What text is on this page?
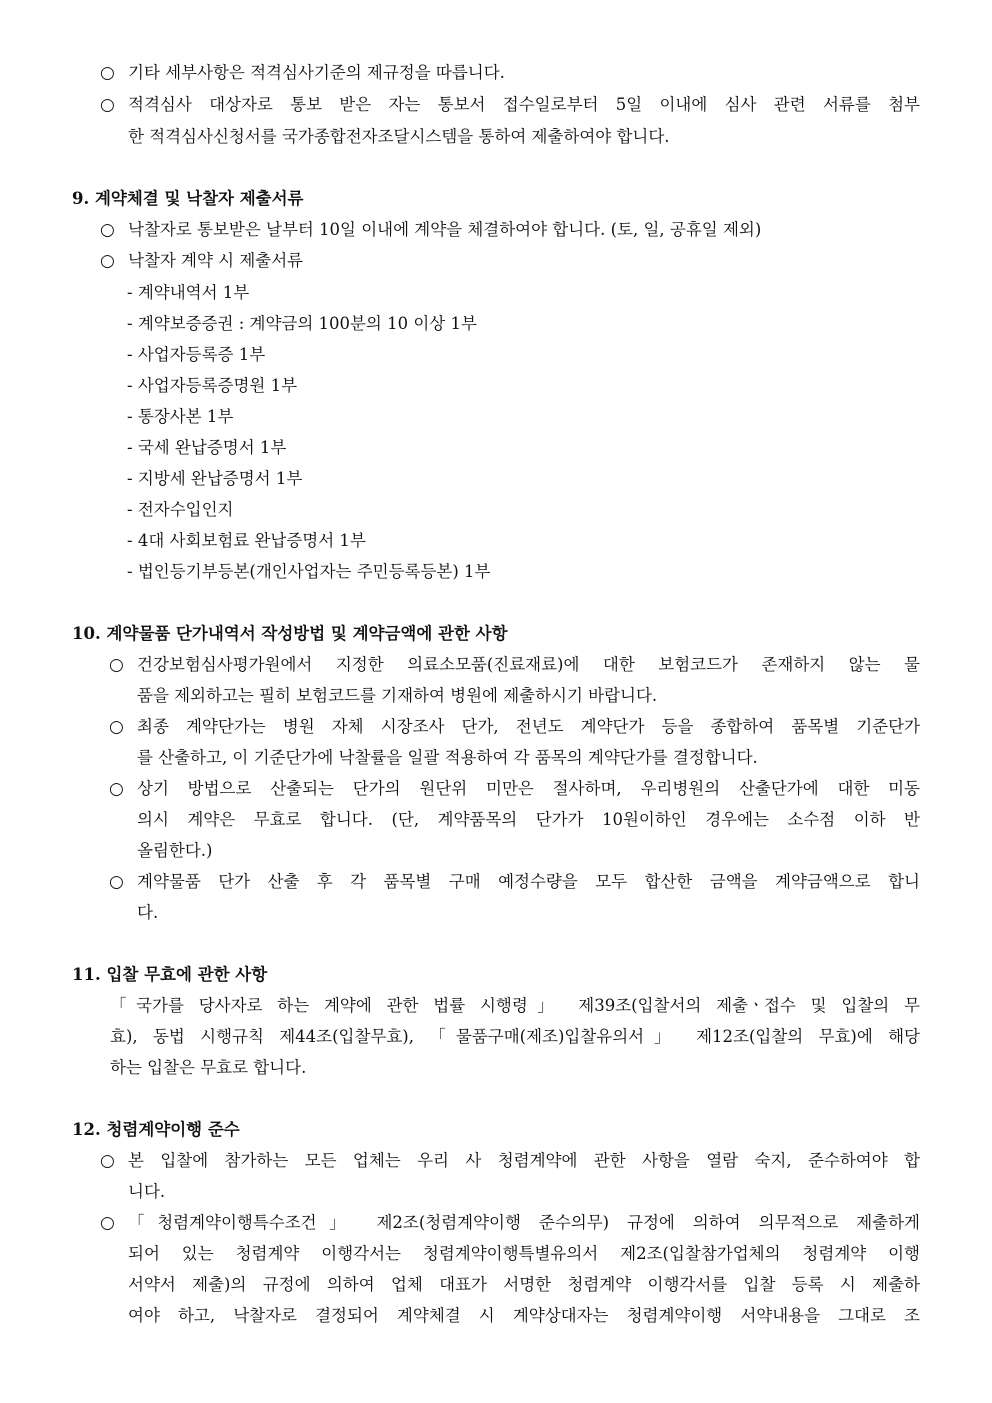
○ 기타 세부사항은 적격심사기준의 제규정을 따릅니다.
○ 적격심사 대상자로 통보 받은 자는 통보서 접수일로부터 5일 이내에 심사 관련 서류를 첨부
한 적격심사신청서를 국가종합전자조달시스템을 통하여 제출하여야 합니다.
9. 계약체결 및 낙찰자 제출서류
○ 낙찰자로 통보받은 날부터 10일 이내에 계약을 체결하여야 합니다. (토, 일, 공휴일 제외)
○ 낙찰자 계약 시 제출서류
- 계약내역서 1부
- 계약보증증권 : 계약금의 100분의 10 이상 1부
- 사업자등록증 1부
- 사업자등록증명원 1부
- 통장사본 1부
- 국세 완납증명서 1부
- 지방세 완납증명서 1부
- 전자수입인지
- 4대 사회보험료 완납증명서 1부
- 법인등기부등본(개인사업자는 주민등록등본) 1부
10. 계약물품 단가내역서 작성방법 및 계약금액에 관한 사항
○ 건강보험심사평가원에서 지정한 의료소모품(진료재료)에 대한 보험코드가 존재하지 않는 물
품을 제외하고는 필히 보험코드를 기재하여 병원에 제출하시기 바랍니다.
○ 최종 계약단가는 병원 자체 시장조사 단가, 전년도 계약단가 등을 종합하여 품목별 기준단가
를 산출하고, 이 기준단가에 낙찰률을 일괄 적용하여 각 품목의 계약단가를 결정합니다.
○ 상기 방법으로 산출되는 단가의 원단위 미만은 절사하며, 우리병원의 산출단가에 대한 미동
의시 계약은 무효로 합니다. (단, 계약품목의 단가가 10원이하인 경우에는 소수점 이하 반
올림한다.)
○ 계약물품 단가 산출 후 각 품목별 구매 예정수량을 모두 합산한 금액을 계약금액으로 합니
다.
11. 입찰 무효에 관한 사항
「국가를 당사자로 하는 계약에 관한 법률 시행령」 제39조(입찰서의 제출ㆍ접수 및 입찰의 무
효), 동법 시행규칙 제44조(입찰무효), 「물품구매(제조)입찰유의서」 제12조(입찰의 무효)에 해당
하는 입찰은 무효로 합니다.
12. 청렴계약이행 준수
○ 본 입찰에 참가하는 모든 업체는 우리 사 청렴계약에 관한 사항을 열람 숙지, 준수하여야 합
니다.
○ 「청렴계약이행특수조건」 제2조(청렴계약이행 준수의무) 규정에 의하여 의무적으로 제출하게
되어 있는 청렴계약 이행각서는 청렴계약이행특별유의서 제2조(입찰참가업체의 청렴계약 이행
서약서 제출)의 규정에 의하여 업체 대표가 서명한 청렴계약 이행각서를 입찰 등록 시 제출하
여야 하고, 낙찰자로 결정되어 계약체결 시 계약상대자는 청렴계약이행 서약내용을 그대로 조
